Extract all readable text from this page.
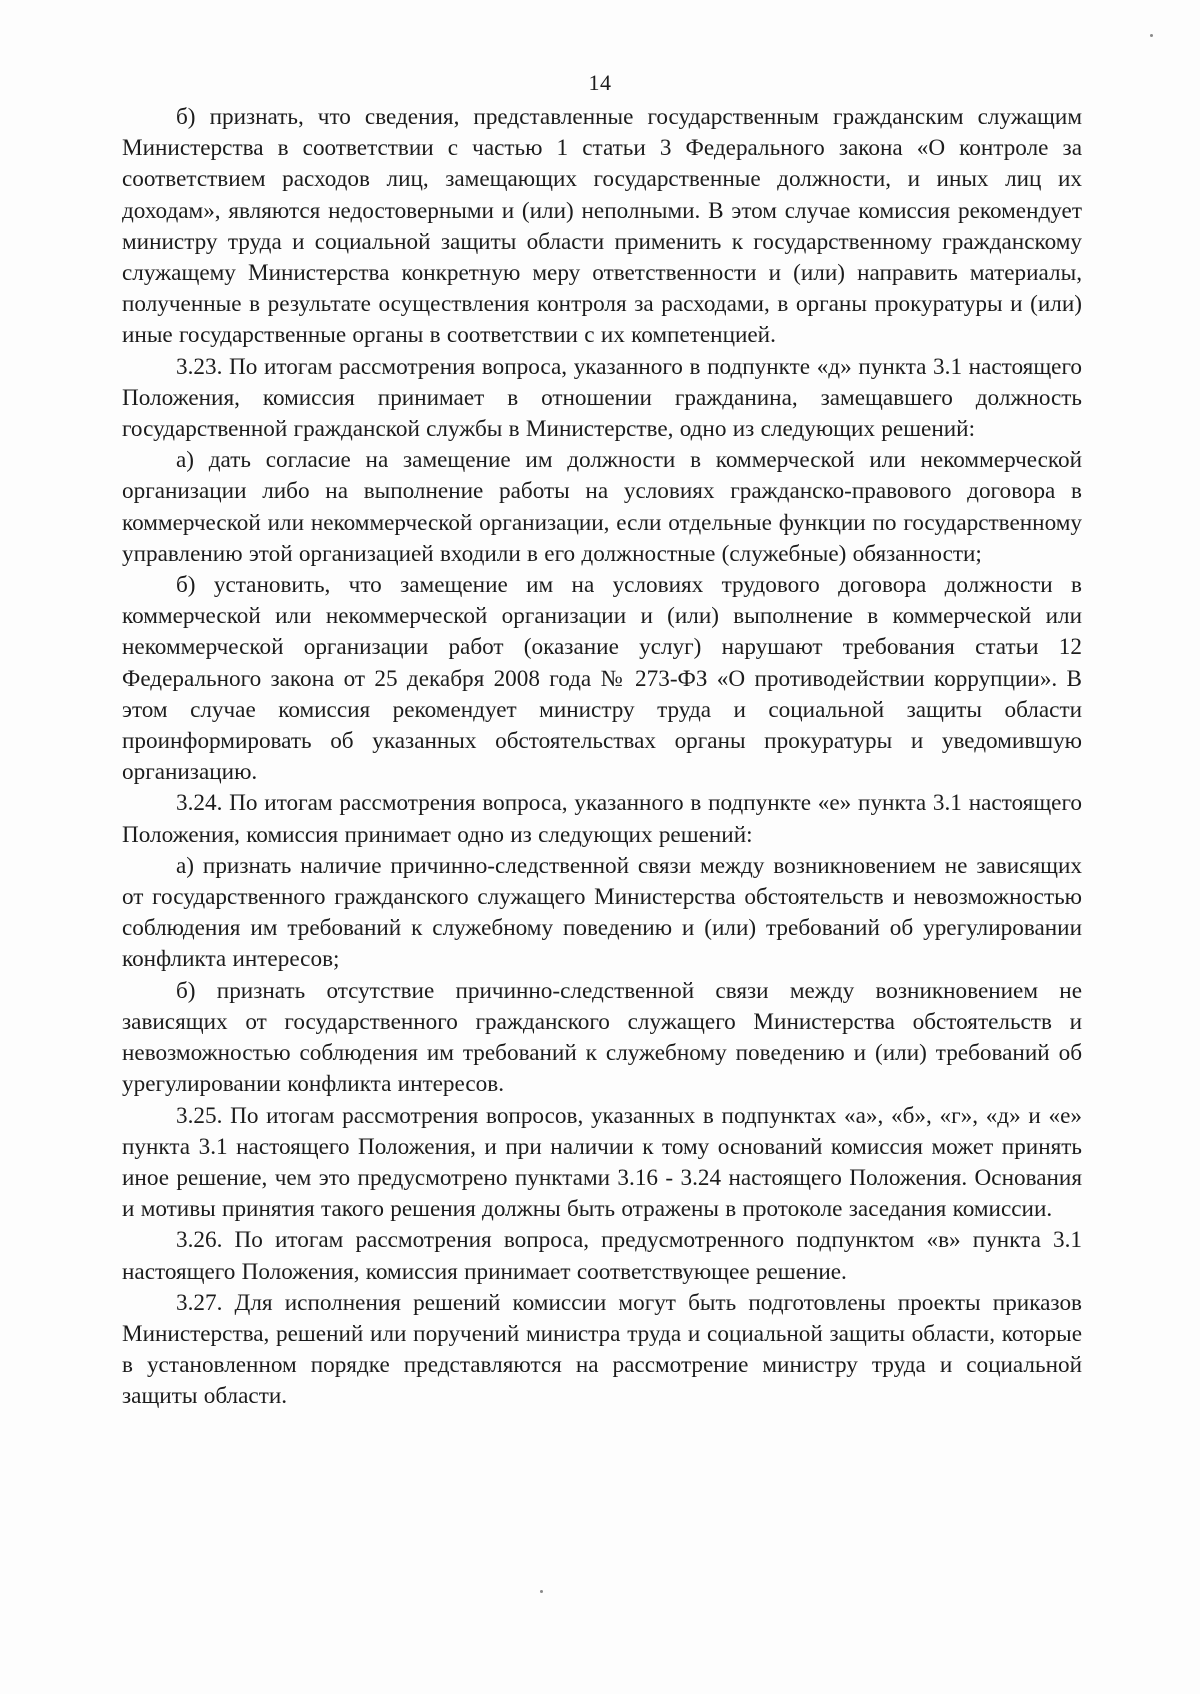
14

б) признать, что сведения, представленные государственным гражданским служащим Министерства в соответствии с частью 1 статьи 3 Федерального закона «О контроле за соответствием расходов лиц, замещающих государственные должности, и иных лиц их доходам», являются недостоверными и (или) неполными. В этом случае комиссия рекомендует министру труда и социальной защиты области применить к государственному гражданскому служащему Министерства конкретную меру ответственности и (или) направить материалы, полученные в результате осуществления контроля за расходами, в органы прокуратуры и (или) иные государственные органы в соответствии с их компетенцией.

3.23. По итогам рассмотрения вопроса, указанного в подпункте «д» пункта 3.1 настоящего Положения, комиссия принимает в отношении гражданина, замещавшего должность государственной гражданской службы в Министерстве, одно из следующих решений:

а) дать согласие на замещение им должности в коммерческой или некоммерческой организации либо на выполнение работы на условиях гражданско-правового договора в коммерческой или некоммерческой организации, если отдельные функции по государственному управлению этой организацией входили в его должностные (служебные) обязанности;

б) установить, что замещение им на условиях трудового договора должности в коммерческой или некоммерческой организации и (или) выполнение в коммерческой или некоммерческой организации работ (оказание услуг) нарушают требования статьи 12 Федерального закона от 25 декабря 2008 года № 273-ФЗ «О противодействии коррупции». В этом случае комиссия рекомендует министру труда и социальной защиты области проинформировать об указанных обстоятельствах органы прокуратуры и уведомившую организацию.

3.24. По итогам рассмотрения вопроса, указанного в подпункте «е» пункта 3.1 настоящего Положения, комиссия принимает одно из следующих решений:

а) признать наличие причинно-следственной связи между возникновением не зависящих от государственного гражданского служащего Министерства обстоятельств и невозможностью соблюдения им требований к служебному поведению и (или) требований об урегулировании конфликта интересов;

б) признать отсутствие причинно-следственной связи между возникновением не зависящих от государственного гражданского служащего Министерства обстоятельств и невозможностью соблюдения им требований к служебному поведению и (или) требований об урегулировании конфликта интересов.

3.25. По итогам рассмотрения вопросов, указанных в подпунктах «а», «б», «г», «д» и «е» пункта 3.1 настоящего Положения, и при наличии к тому оснований комиссия может принять иное решение, чем это предусмотрено пунктами 3.16 - 3.24 настоящего Положения. Основания и мотивы принятия такого решения должны быть отражены в протоколе заседания комиссии.

3.26. По итогам рассмотрения вопроса, предусмотренного подпунктом «в» пункта 3.1 настоящего Положения, комиссия принимает соответствующее решение.

3.27. Для исполнения решений комиссии могут быть подготовлены проекты приказов Министерства, решений или поручений министра труда и социальной защиты области, которые в установленном порядке представляются на рассмотрение министру труда и социальной защиты области.
